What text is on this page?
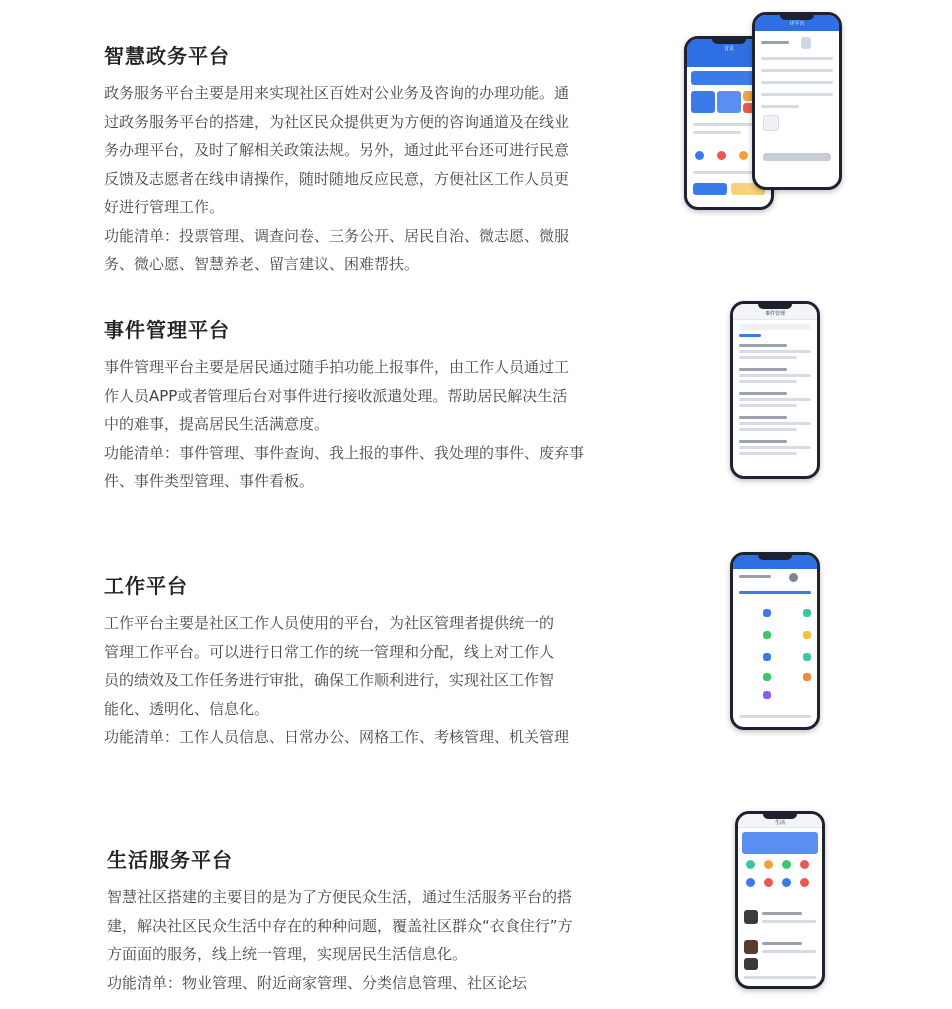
智慧政务平台

政务服务平台主要是用来实现社区百姓对公业务及咨询的办理功能。通
过政务服务平台的搭建，为社区民众提供更为方便的咨询通道及在线业
务办理平台，及时了解相关政策法规。另外，通过此平台还可进行民意
反馈及志愿者在线申请操作，随时随地反应民意，方便社区工作人员更
好进行管理工作。

功能清单：投票管理、调查问卷、三务公开、居民自治、微志愿、微服
务、微心愿、智慧养老、留言建议、困难帮扶。

事件管理平台

事件管理平台主要是居民通过随手拍功能上报事件，由工作人员通过工
作人员APP或者管理后台对事件进行接收派遣处理。帮助居民解决生活
中的难事，提高居民生活满意度。

功能清单：事件管理、事件查询、我上报的事件、我处理的事件、废弃事
件、事件类型管理、事件看板。

工作平台

工作平台主要是社区工作人员使用的平台，为社区管理者提供统一的
管理工作平台。可以进行日常工作的统一管理和分配，线上对工作人
员的绩效及工作任务进行审批，确保工作顺利进行，实现社区工作智
能化、透明化、信息化。

功能清单：工作人员信息、日常办公、网格工作、考核管理、机关管理

生活服务平台

智慧社区搭建的主要目的是为了方便民众生活，通过生活服务平台的搭
建，解决社区民众生活中存在的种种问题，覆盖社区群众“衣食住行”方
方面面的服务，线上统一管理，实现居民生活信息化。

功能清单：物业管理、附近商家管理、分类信息管理、社区论坛

首页
详平台
事件管理
生活
